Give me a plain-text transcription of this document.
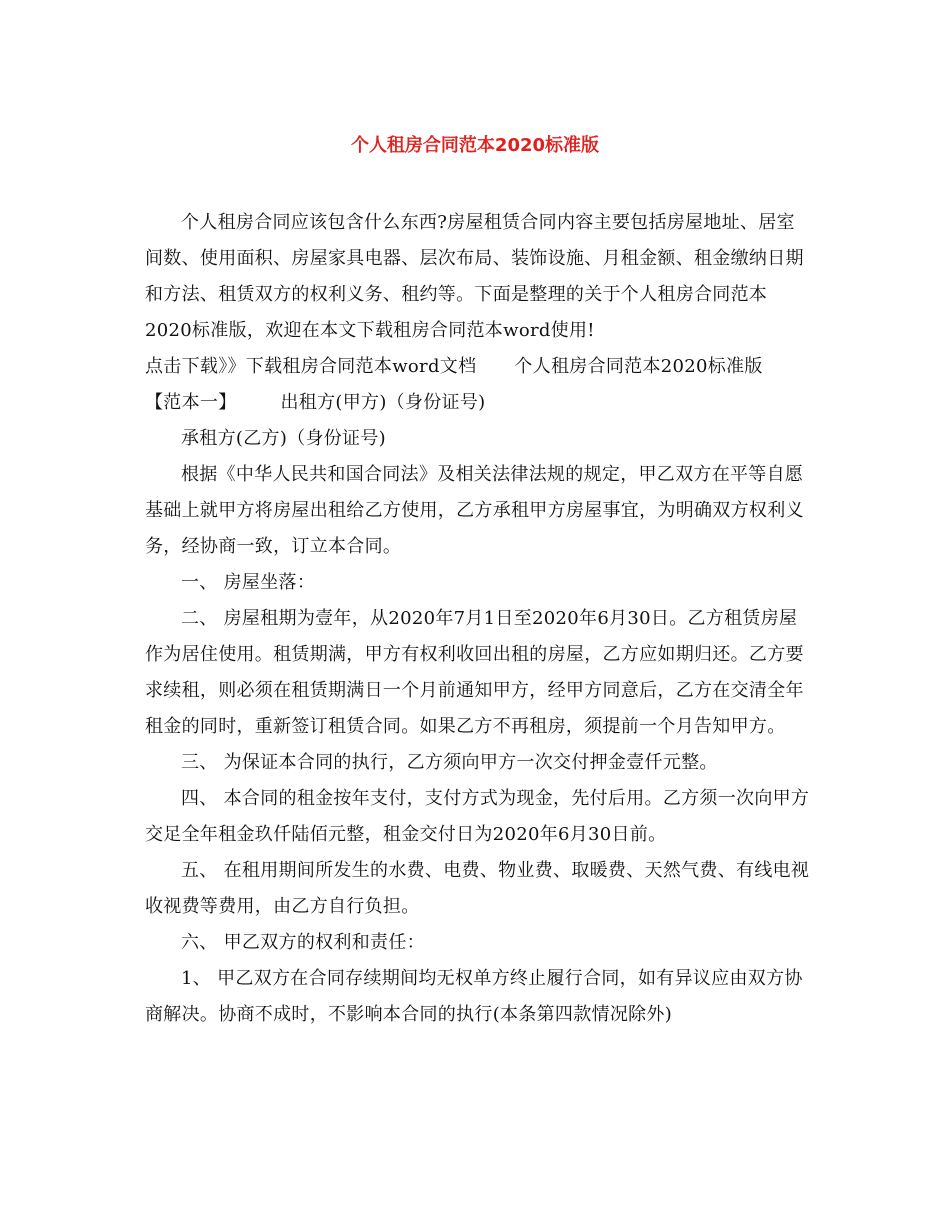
个人租房合同范本2020标准版

个人租房合同应该包含什么东西?房屋租赁合同内容主要包括房屋地址、居室间数、使用面积、房屋家具电器、层次布局、装饰设施、月租金额、租金缴纳日期和方法、租赁双方的权利义务、租约等。下面是整理的关于个人租房合同范本2020标准版，欢迎在本文下载租房合同范本word使用!

点击下载》》下载租房合同范本word文档 个人租房合同范本2020标准版

【范本一】 出租方(甲方)（身份证号)

承租方(乙方)（身份证号)

根据《中华人民共和国合同法》及相关法律法规的规定，甲乙双方在平等自愿基础上就甲方将房屋出租给乙方使用，乙方承租甲方房屋事宜，为明确双方权利义务，经协商一致，订立本合同。

一、 房屋坐落：

二、 房屋租期为壹年，从2020年7月1日至2020年6月30日。乙方租赁房屋作为居住使用。租赁期满，甲方有权利收回出租的房屋，乙方应如期归还。乙方要求续租，则必须在租赁期满日一个月前通知甲方，经甲方同意后，乙方在交清全年租金的同时，重新签订租赁合同。如果乙方不再租房，须提前一个月告知甲方。

三、 为保证本合同的执行，乙方须向甲方一次交付押金壹仟元整。

四、 本合同的租金按年支付，支付方式为现金，先付后用。乙方须一次向甲方交足全年租金玖仟陆佰元整，租金交付日为2020年6月30日前。

五、 在租用期间所发生的水费、电费、物业费、取暖费、天然气费、有线电视收视费等费用，由乙方自行负担。

六、 甲乙双方的权利和责任：

1、 甲乙双方在合同存续期间均无权单方终止履行合同，如有异议应由双方协商解决。协商不成时，不影响本合同的执行(本条第四款情况除外)
